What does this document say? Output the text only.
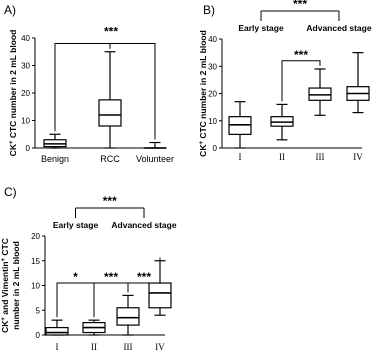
A)
0
10
20
30
40
CK+ CTC number in 2 mL blood
Benign	RCC Volunteer
***
B)
0
10
20
30
40
CK+ CTC number in 2 mL blood
I	II	III	IV
***
Early stage	Advanced stage
***
C)
0
5
10
15
20
CK+ and Vimentin+ CTC number in 2 mL blood
I	II	III	IV
* *** ***
Early stage Advanced stage
***
